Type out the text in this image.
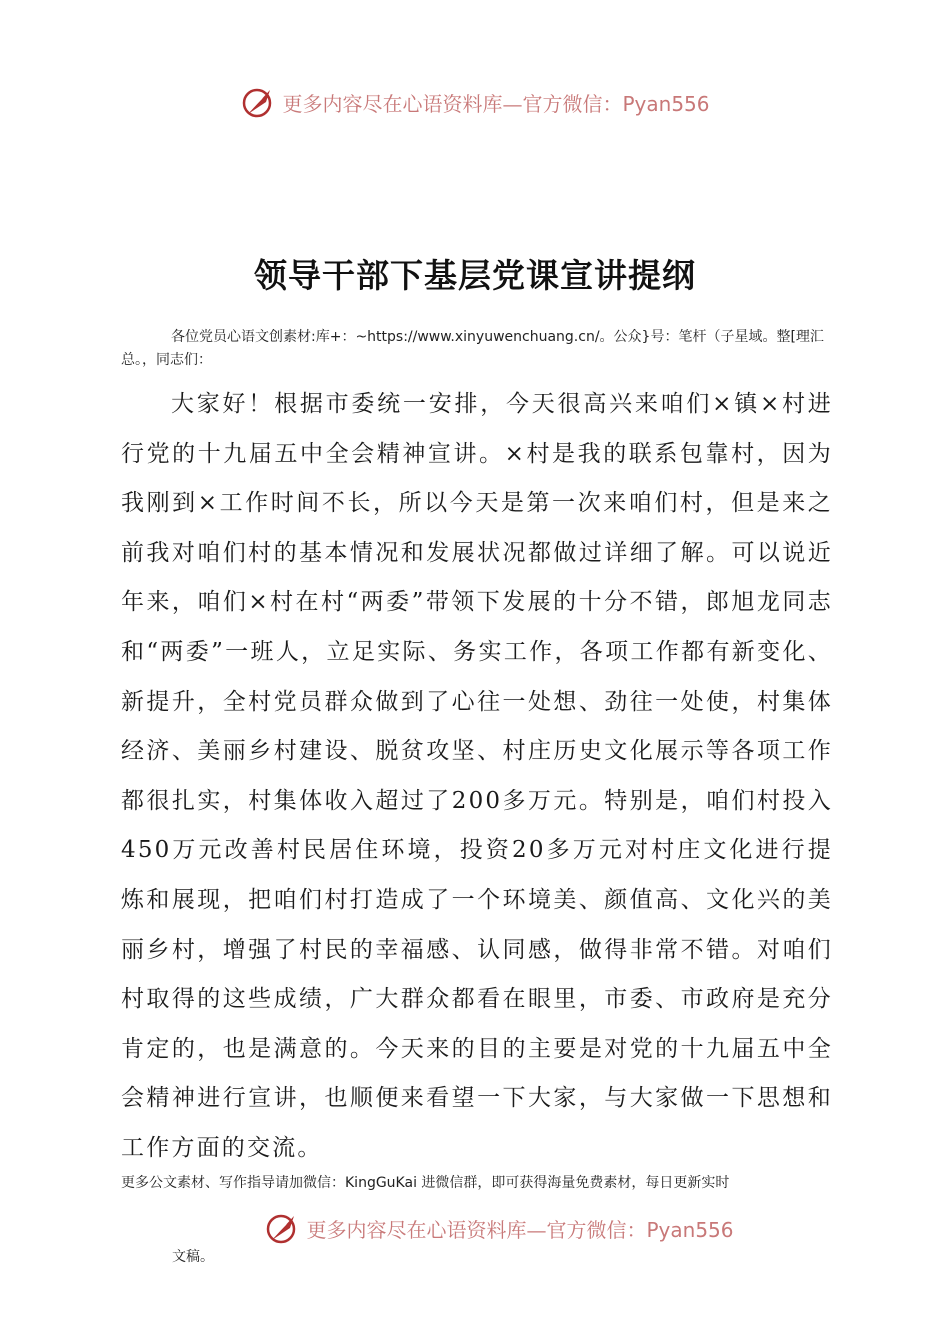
更多内容尽在心语资料库—官方微信：Pyan556
领导干部下基层党课宣讲提纲
各位党员心语文创素材:库+：~https://www.xinyuwenchuang.cn/。公众}号：笔杆（子星域。整[理汇总。，同志们：
大家好！根据市委统一安排，今天很高兴来咱们×镇×村进行党的十九届五中全会精神宣讲。×村是我的联系包靠村，因为我刚到×工作时间不长，所以今天是第一次来咱们村，但是来之前我对咱们村的基本情况和发展状况都做过详细了解。可以说近年来，咱们×村在村“两委”带领下发展的十分不错，郎旭龙同志和“两委”一班人，立足实际、务实工作，各项工作都有新变化、新提升，全村党员群众做到了心往一处想、劲往一处使，村集体经济、美丽乡村建设、脱贫攻坚、村庄历史文化展示等各项工作都很扎实，村集体收入超过了200多万元。特别是，咱们村投入450万元改善村民居住环境，投资20多万元对村庄文化进行提炼和展现，把咱们村打造成了一个环境美、颜值高、文化兴的美丽乡村，增强了村民的幸福感、认同感，做得非常不错。对咱们村取得的这些成绩，广大群众都看在眼里，市委、市政府是充分肯定的，也是满意的。今天来的目的主要是对党的十九届五中全会精神进行宣讲，也顺便来看望一下大家，与大家做一下思想和工作方面的交流。
更多公文素材、写作指导请加微信：KingGuKai 进微信群，即可获得海量免费素材，每日更新实时
更多内容尽在心语资料库—官方微信：Pyan556
文稿。
